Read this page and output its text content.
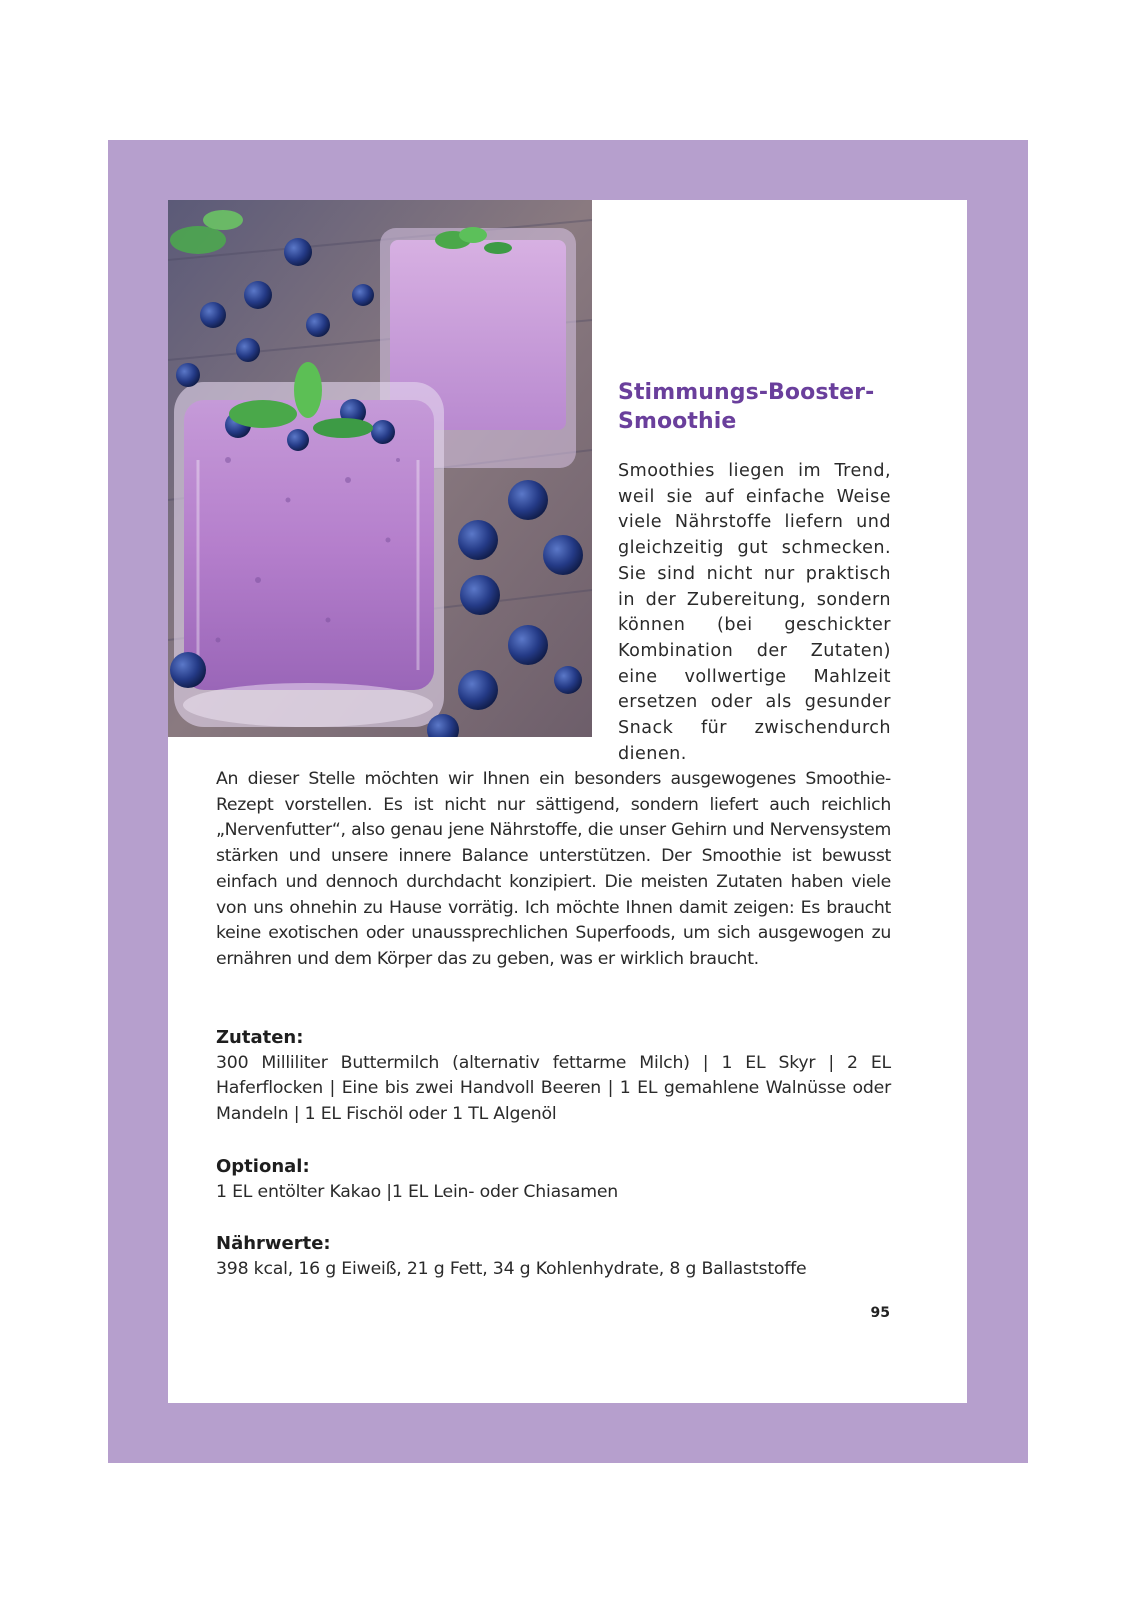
Stimmungs-Booster-Smoothie

Smoothies liegen im Trend, weil sie auf einfache Weise viele Nährstoffe liefern und gleichzeitig gut schmecken. Sie sind nicht nur praktisch in der Zubereitung, sondern können (bei geschickter Kombination der Zutaten) eine vollwertige Mahlzeit ersetzen oder als gesunder Snack für zwischendurch dienen.

An dieser Stelle möchten wir Ihnen ein besonders ausgewogenes Smoothie-Rezept vorstellen. Es ist nicht nur sättigend, sondern liefert auch reichlich „Nervenfutter“, also genau jene Nährstoffe, die unser Gehirn und Nervensystem stärken und unsere innere Balance unterstützen. Der Smoothie ist bewusst einfach und dennoch durchdacht konzipiert. Die meisten Zutaten haben viele von uns ohnehin zu Hause vorrätig. Ich möchte Ihnen damit zeigen: Es braucht keine exotischen oder unaussprechlichen Superfoods, um sich ausgewogen zu ernähren und dem Körper das zu geben, was er wirklich braucht.

Zutaten:

300 Milliliter Buttermilch (alternativ fettarme Milch) | 1 EL Skyr | 2 EL Haferflocken | Eine bis zwei Handvoll Beeren | 1 EL gemahlene Walnüsse oder Mandeln | 1 EL Fischöl oder 1 TL Algenöl

Optional:

1 EL entölter Kakao |1 EL Lein- oder Chiasamen

Nährwerte:

398 kcal, 16 g Eiweiß, 21 g Fett, 34 g Kohlenhydrate, 8 g Ballaststoffe

95
